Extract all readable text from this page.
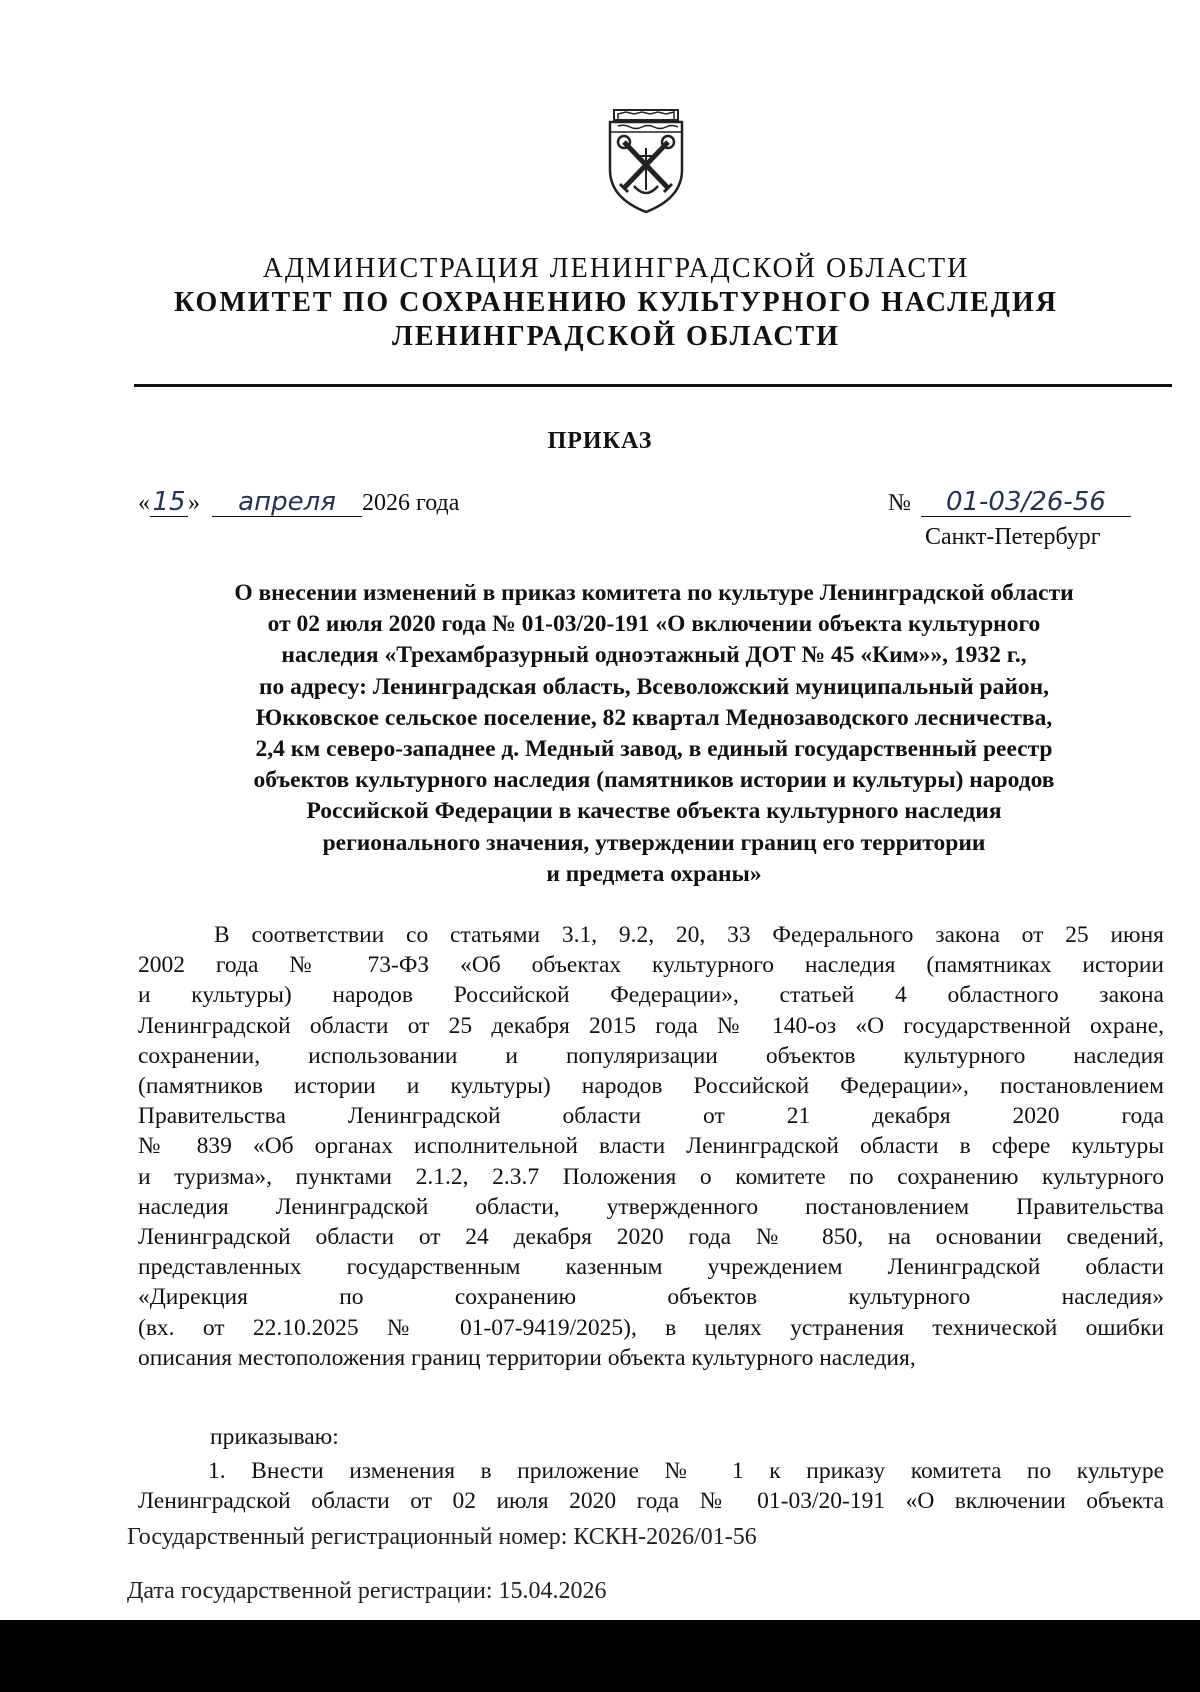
АДМИНИСТРАЦИЯ ЛЕНИНГРАДСКОЙ ОБЛАСТИ
КОМИТЕТ ПО СОХРАНЕНИЮ КУЛЬТУРНОГО НАСЛЕДИЯ
ЛЕНИНГРАДСКОЙ ОБЛАСТИ
ПРИКАЗ
«15 » апреля 2026 года	№ 01-03/26-56
Санкт-Петербург
О внесении изменений в приказ комитета по культуре Ленинградской области
от 02 июля 2020 года № 01-03/20-191 «О включении объекта культурного
наследия «Трехамбразурный одноэтажный ДОТ № 45 «Ким»», 1932 г.,
по адресу: Ленинградская область, Всеволожский муниципальный район,
Юкковское сельское поселение, 82 квартал Меднозаводского лесничества,
2,4 км северо-западнее д. Медный завод, в единый государственный реестр
объектов культурного наследия (памятников истории и культуры) народов
Российской Федерации в качестве объекта культурного наследия
регионального значения, утверждении границ его территории
и предмета охраны»
В соответствии со статьями 3.1, 9.2, 20, 33 Федерального закона от 25 июня
2002 года № 73-ФЗ «Об объектах культурного наследия (памятниках истории
и культуры) народов Российской Федерации», статьей 4 областного закона
Ленинградской области от 25 декабря 2015 года № 140-оз «О государственной охране,
сохранении, использовании и популяризации объектов культурного наследия
(памятников истории и культуры) народов Российской Федерации», постановлением
Правительства Ленинградской области от 21 декабря 2020 года
№ 839 «Об органах исполнительной власти Ленинградской области в сфере культуры
и туризма», пунктами 2.1.2, 2.3.7 Положения о комитете по сохранению культурного
наследия Ленинградской области, утвержденного постановлением Правительства
Ленинградской области от 24 декабря 2020 года № 850, на основании сведений,
представленных государственным казенным учреждением Ленинградской области
«Дирекция по сохранению объектов культурного наследия»
(вх. от 22.10.2025 № 01-07-9419/2025), в целях устранения технической ошибки
описания местоположения границ территории объекта культурного наследия,
приказываю:
1. Внести изменения в приложение № 1 к приказу комитета по культуре
Ленинградской области от 02 июля 2020 года № 01-03/20-191 «О включении объекта
Государственный регистрационный номер: КСКН-2026/01-56
Дата государственной регистрации: 15.04.2026
